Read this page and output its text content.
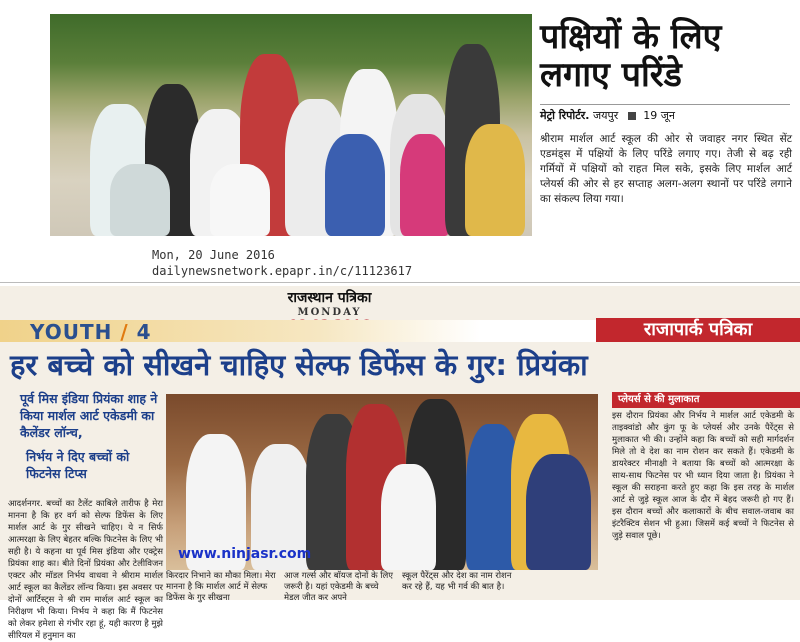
पक्षियों के लिए लगाए परिंडे
मेट्रो रिपोर्टर. जयपुर 19 जून
श्रीराम मार्शल आर्ट स्कूल की ओर से जवाहर नगर स्थित सेंट एडमंड्स में पक्षियों के लिए परिंडे लगाए गए। तेजी से बढ़ रही गर्मियों में पक्षियों को राहत मिल सके, इसके लिए मार्शल आर्ट प्लेयर्स की ओर से हर सप्ताह अलग-अलग स्थानों पर परिंडे लगाने का संकल्प लिया गया।
Mon, 20 June 2016
dailynewsnetwork.epapr.in/c/11123617
राजस्थान पत्रिका
MONDAY
YOUTH / 4	राजापार्क पत्रिका
हर बच्चे को सीखने चाहिए सेल्फ डिफेंस के गुर: प्रियंका
पूर्व मिस इंडिया प्रियंका शाह ने किया मार्शल आर्ट एकेडमी का कैलेंडर लॉन्च,
निर्भय ने दिए बच्चों को फिटनेस टिप्स
आदर्शनगर. बच्चों का टैलेंट काबिले तारीफ है मेरा मानना है कि हर वर्ग को सेल्फ डिफेंस के लिए मार्शल आर्ट के गुर सीखने चाहिए। ये न सिर्फ आत्मरक्षा के लिए बेहतर बल्कि फिटनेस के लिए भी सही है। ये कहना था पूर्व मिस इंडिया और एक्ट्रेस प्रियंका शाह का। बीते दिनों प्रियंका और टेलीविजन एक्टर और मॉडल निर्भय वाधवा ने श्रीराम मार्शल आर्ट स्कूल का कैलेंडर लॉन्च किया। इस अवसर पर दोनों आर्टिस्ट्स ने श्री राम मार्शल आर्ट स्कूल का निरीक्षण भी किया। निर्भय ने कहा कि मैं फिटनेस को लेकर हमेशा से गंभीर रहा हूं, यही कारण है मुझे सीरियल में हनुमान का
www.ninjasr.com
प्लेयर्स से की मुलाकात
इस दौरान प्रियंका और निर्भय ने मार्शल आर्ट एकेडमी के ताइक्वांडो और कुंग फू के प्लेयर्स और उनके पैरेंट्स से मुलाकात भी की। उन्होंने कहा कि बच्चों को सही मार्गदर्शन मिले तो वे देश का नाम रोशन कर सकते हैं। एकेडमी के डायरेक्टर मीनाक्षी ने बताया कि बच्चों को आत्मरक्षा के साथ-साथ फिटनेस पर भी ध्यान दिया जाता है। प्रियंका ने स्कूल की सराहना करते हुए कहा कि इस तरह के मार्शल आर्ट से जुड़े स्कूल आज के दौर में बेहद जरूरी हो गए हैं। इस दौरान बच्चों और कलाकारों के बीच सवाल-जवाब का इंटरैक्टिव सेशन भी हुआ। जिसमें कई बच्चों ने फिटनेस से जुड़े सवाल पूछे।
किरदार निभाने का मौका मिला। मेरा मानना है कि मार्शल आर्ट में सेल्फ डिफेंस के गुर सीखना
आज गर्ल्स और बॉयज दोनों के लिए जरूरी है। यहां एकेडमी के बच्चे मेडल जीत कर अपने
स्कूल पैरेंट्स और देश का नाम रोशन कर रहे हैं, यह भी गर्व की बात है।
